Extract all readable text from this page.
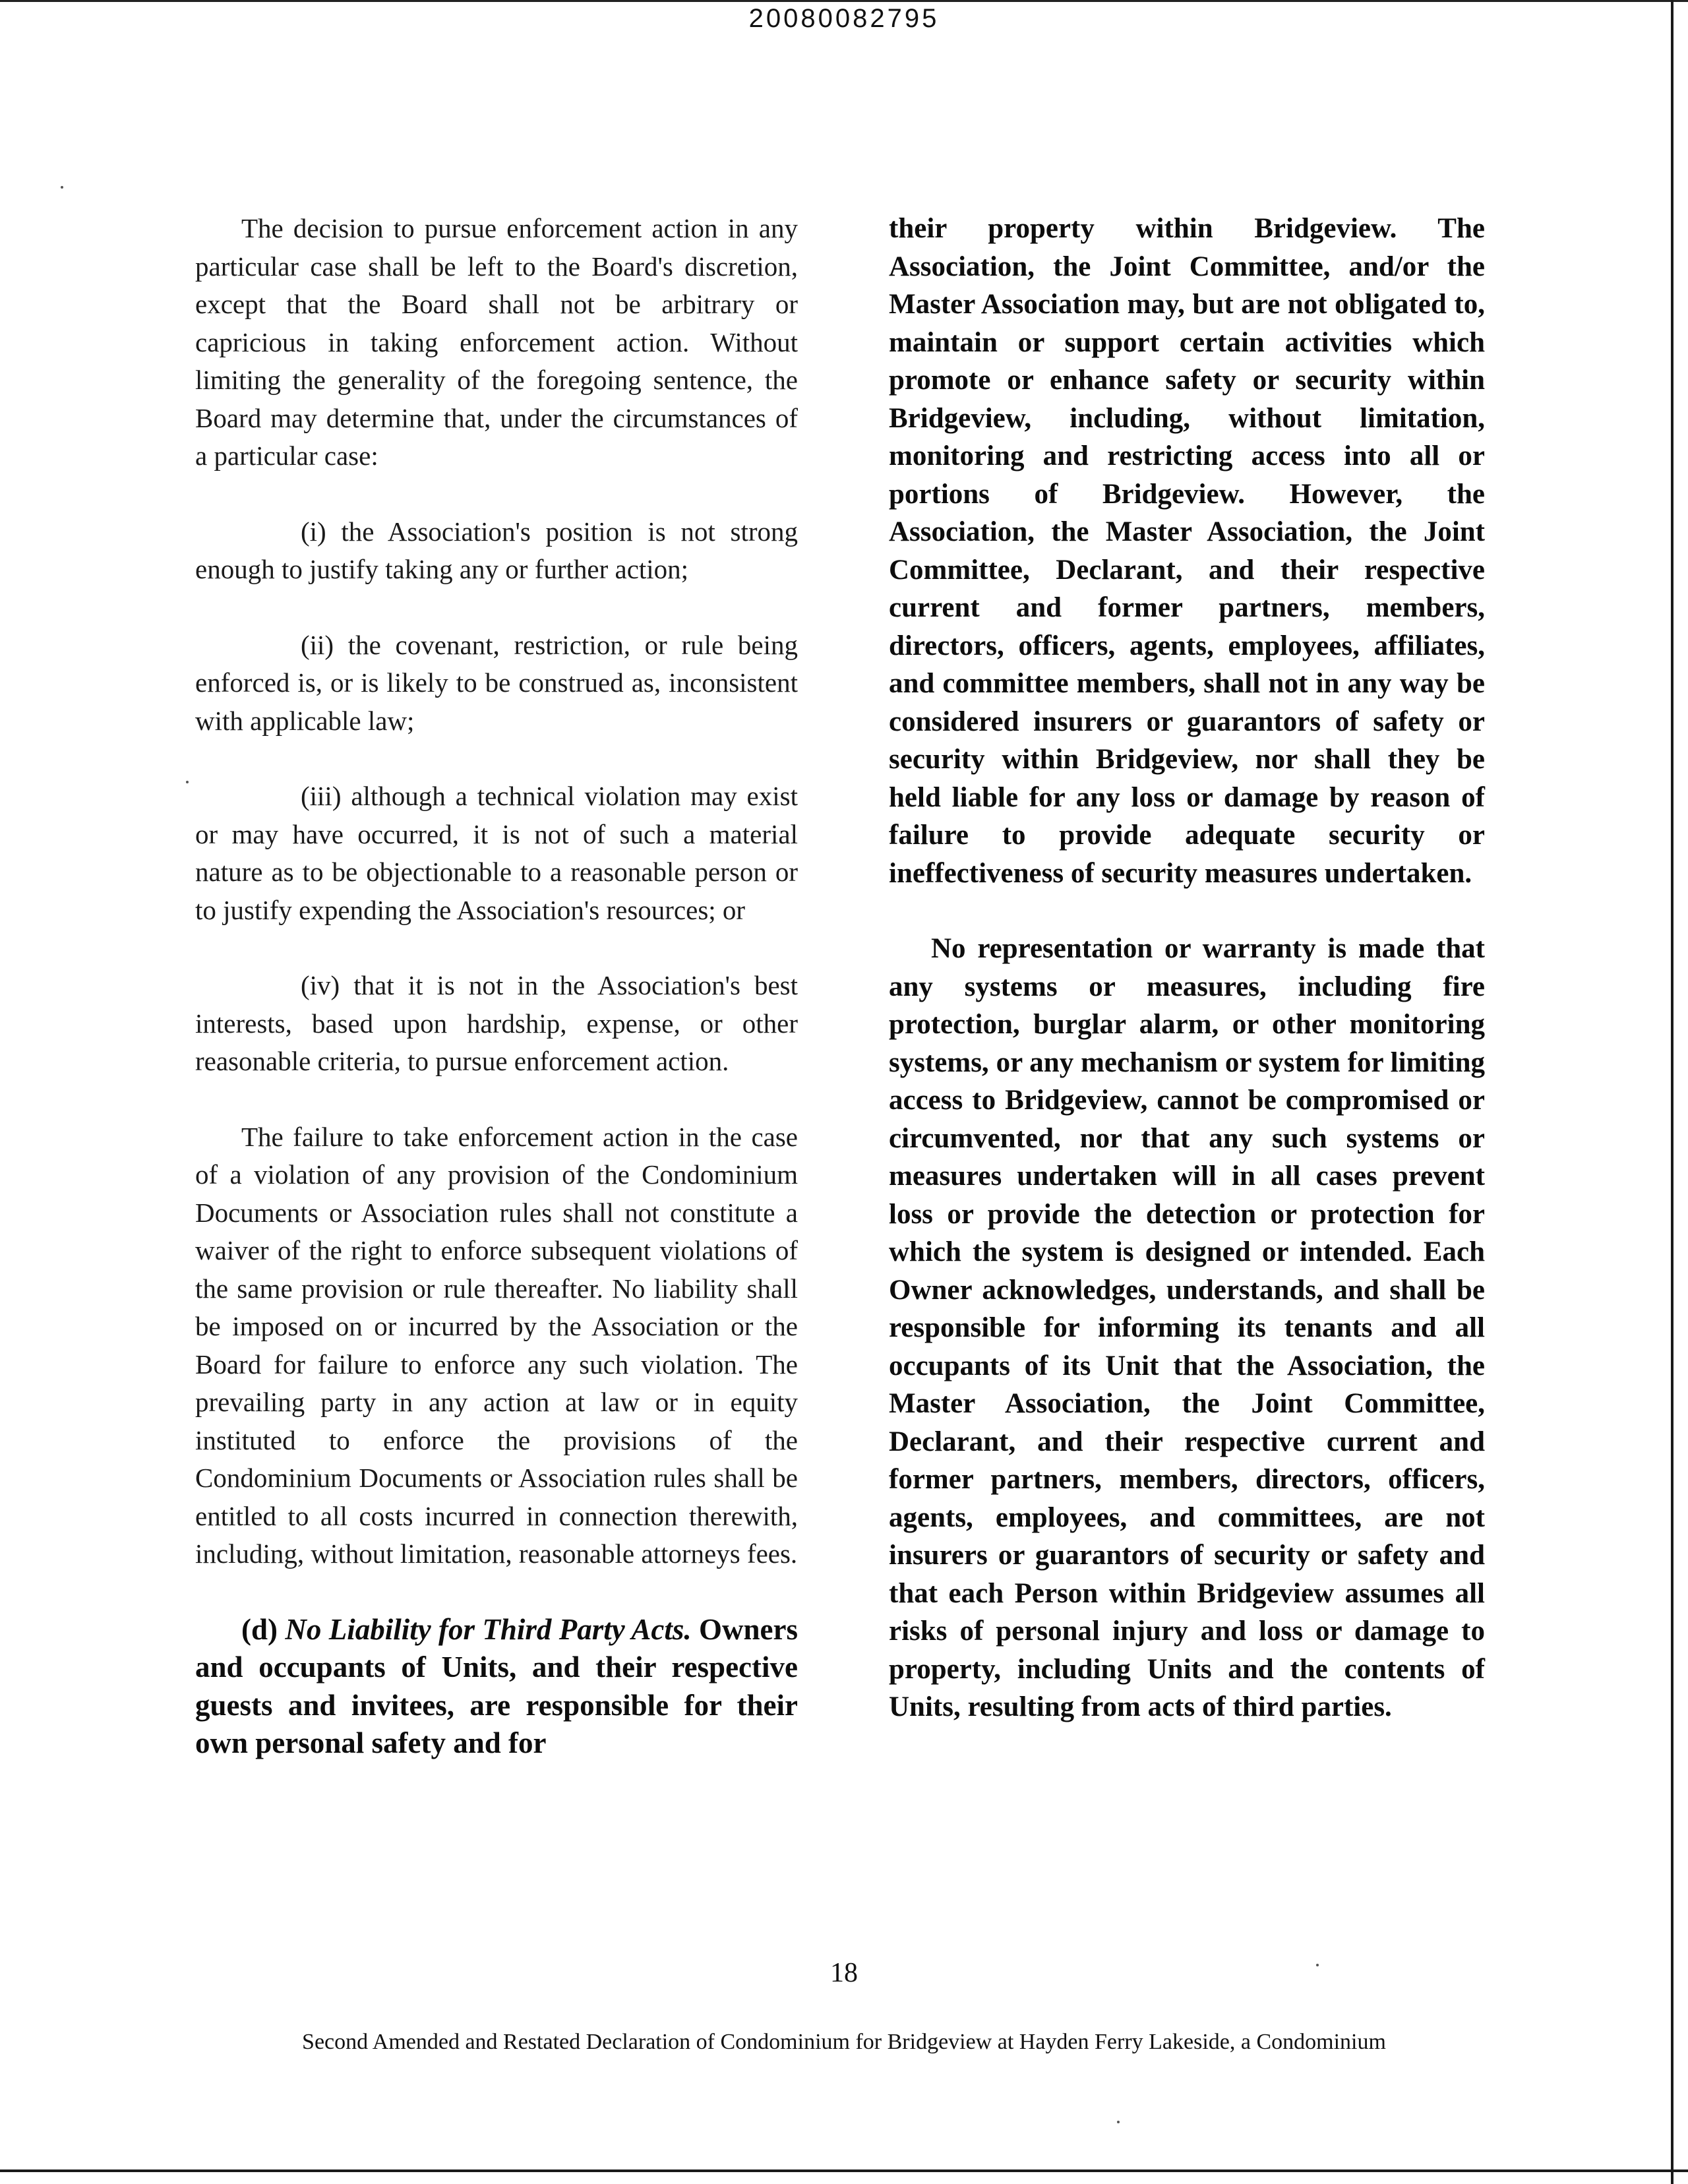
20080082795

The decision to pursue enforcement action in any particular case shall be left to the Board's discretion, except that the Board shall not be arbitrary or capricious in taking enforcement action. Without limiting the generality of the foregoing sentence, the Board may determine that, under the circumstances of a particular case:

(i) the Association's position is not strong enough to justify taking any or further action;

(ii) the covenant, restriction, or rule being enforced is, or is likely to be construed as, inconsistent with applicable law;

(iii) although a technical violation may exist or may have occurred, it is not of such a material nature as to be objectionable to a reasonable person or to justify expending the Association's resources; or

(iv) that it is not in the Association's best interests, based upon hardship, expense, or other reasonable criteria, to pursue enforcement action.

The failure to take enforcement action in the case of a violation of any provision of the Condominium Documents or Association rules shall not constitute a waiver of the right to enforce subsequent violations of the same provision or rule thereafter. No liability shall be imposed on or incurred by the Association or the Board for failure to enforce any such violation. The prevailing party in any action at law or in equity instituted to enforce the provisions of the Condominium Documents or Association rules shall be entitled to all costs incurred in connection therewith, including, without limitation, reasonable attorneys fees.

(d) No Liability for Third Party Acts. Owners and occupants of Units, and their respective guests and invitees, are responsible for their own personal safety and for

their property within Bridgeview. The Association, the Joint Committee, and/or the Master Association may, but are not obligated to, maintain or support certain activities which promote or enhance safety or security within Bridgeview, including, without limitation, monitoring and restricting access into all or portions of Bridgeview. However, the Association, the Master Association, the Joint Committee, Declarant, and their respective current and former partners, members, directors, officers, agents, employees, affiliates, and committee members, shall not in any way be considered insurers or guarantors of safety or security within Bridgeview, nor shall they be held liable for any loss or damage by reason of failure to provide adequate security or ineffectiveness of security measures undertaken.

No representation or warranty is made that any systems or measures, including fire protection, burglar alarm, or other monitoring systems, or any mechanism or system for limiting access to Bridgeview, cannot be compromised or circumvented, nor that any such systems or measures undertaken will in all cases prevent loss or provide the detection or protection for which the system is designed or intended. Each Owner acknowledges, understands, and shall be responsible for informing its tenants and all occupants of its Unit that the Association, the Master Association, the Joint Committee, Declarant, and their respective current and former partners, members, directors, officers, agents, employees, and committees, are not insurers or guarantors of security or safety and that each Person within Bridgeview assumes all risks of personal injury and loss or damage to property, including Units and the contents of Units, resulting from acts of third parties.

18
Second Amended and Restated Declaration of Condominium for Bridgeview at Hayden Ferry Lakeside, a Condominium
